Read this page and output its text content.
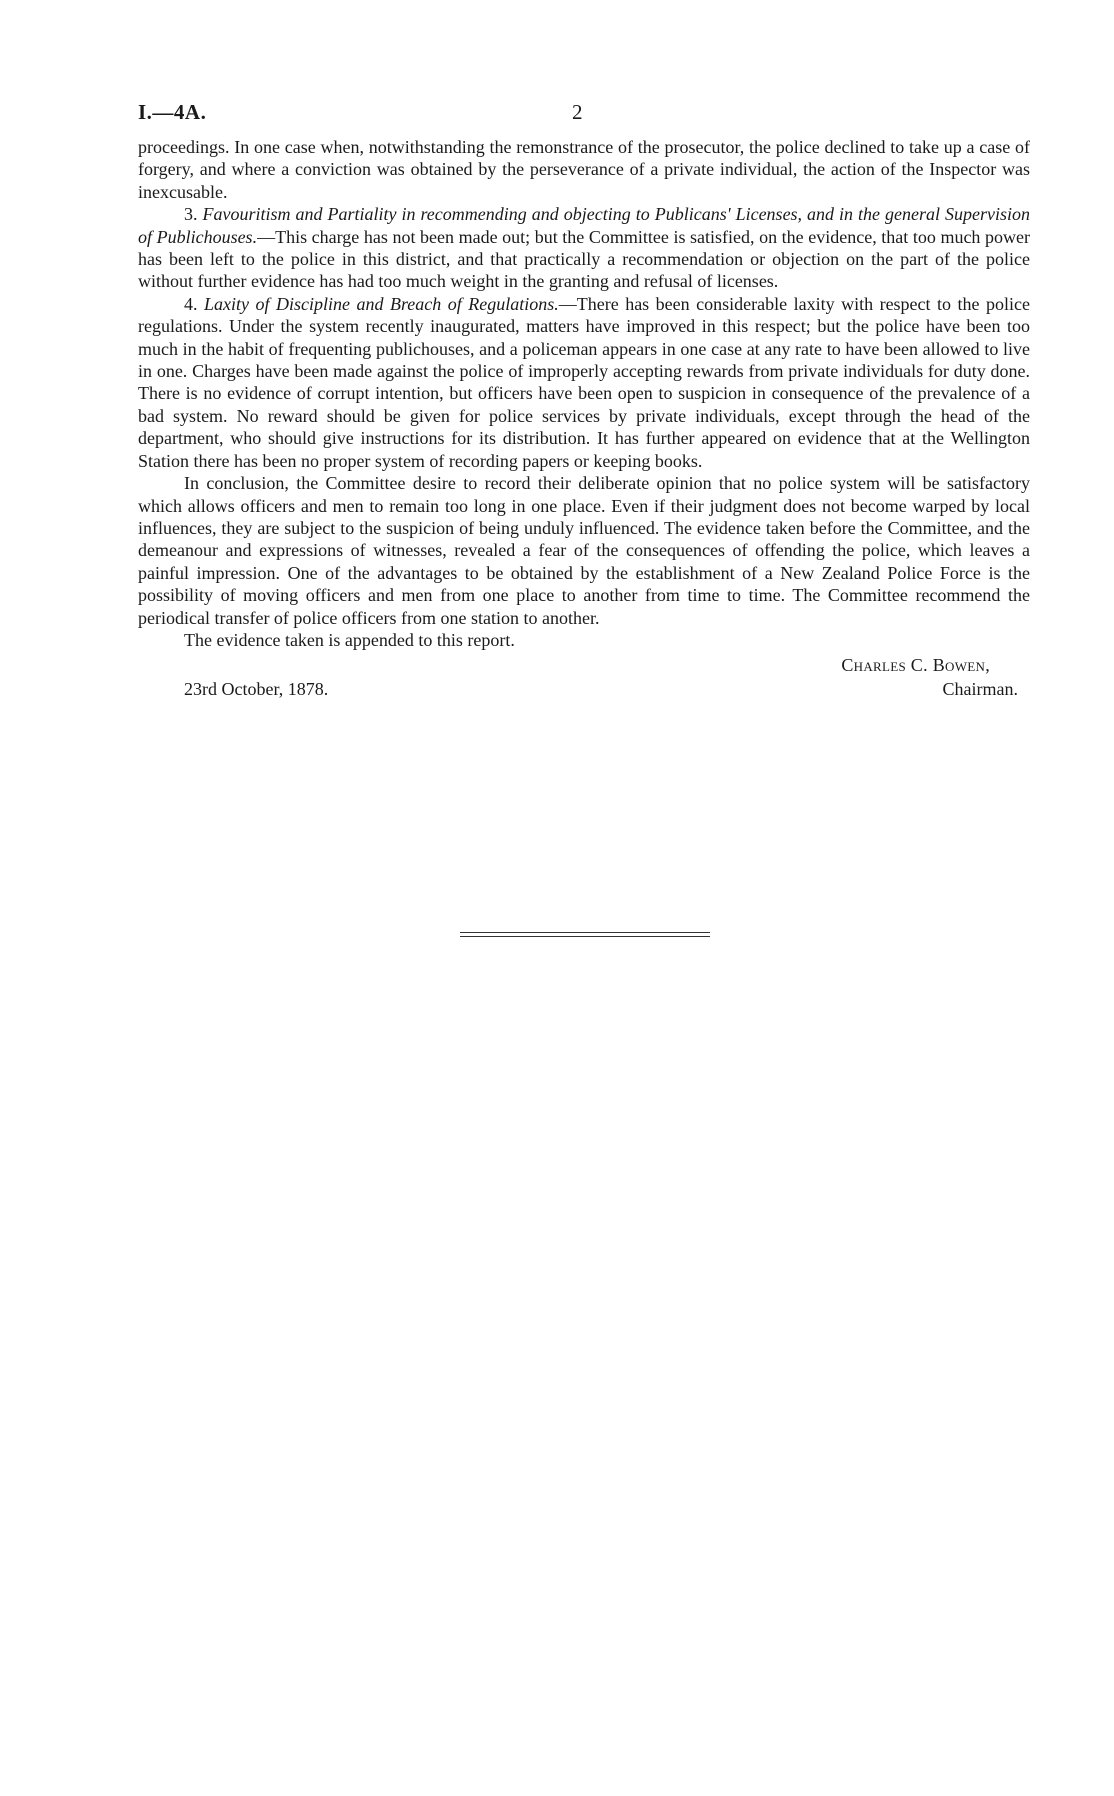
I.—4A.	2

proceedings. In one case when, notwithstanding the remonstrance of the prosecutor, the police declined to take up a case of forgery, and where a conviction was obtained by the perseverance of a private individual, the action of the Inspector was inexcusable.

3. Favouritism and Partiality in recommending and objecting to Publicans' Licenses, and in the general Supervision of Publichouses.—This charge has not been made out; but the Committee is satisfied, on the evidence, that too much power has been left to the police in this district, and that practically a recommendation or objection on the part of the police without further evidence has had too much weight in the granting and refusal of licenses.

4. Laxity of Discipline and Breach of Regulations.—There has been considerable laxity with respect to the police regulations. Under the system recently inaugurated, matters have improved in this respect; but the police have been too much in the habit of frequenting publichouses, and a policeman appears in one case at any rate to have been allowed to live in one. Charges have been made against the police of improperly accepting rewards from private individuals for duty done. There is no evidence of corrupt intention, but officers have been open to suspicion in consequence of the prevalence of a bad system. No reward should be given for police services by private individuals, except through the head of the department, who should give instructions for its distribution. It has further appeared on evidence that at the Wellington Station there has been no proper system of recording papers or keeping books.

In conclusion, the Committee desire to record their deliberate opinion that no police system will be satisfactory which allows officers and men to remain too long in one place. Even if their judgment does not become warped by local influences, they are subject to the suspicion of being unduly influenced. The evidence taken before the Committee, and the demeanour and expressions of witnesses, revealed a fear of the consequences of offending the police, which leaves a painful impression. One of the advantages to be obtained by the establishment of a New Zealand Police Force is the possibility of moving officers and men from one place to another from time to time. The Committee recommend the periodical transfer of police officers from one station to another.

The evidence taken is appended to this report.

Charles C. Bowen,
Chairman.
23rd October, 1878.
